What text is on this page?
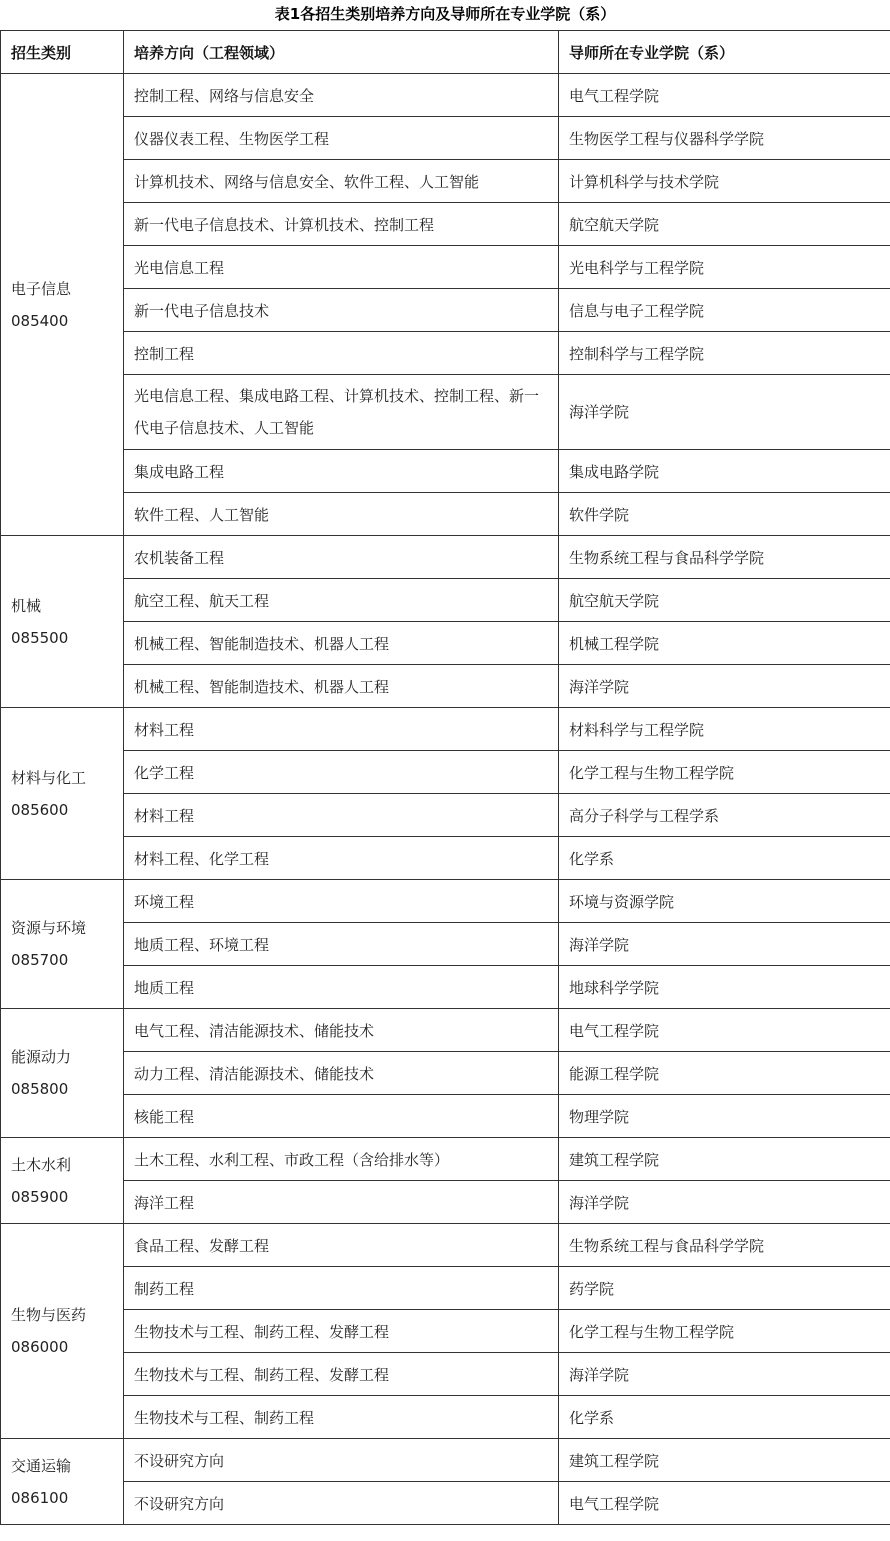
表1各招生类别培养方向及导师所在专业学院（系）
招生类别	培养方向（工程领域）	导师所在专业学院（系）

电子信息
085400	控制工程、网络与信息安全	电气工程学院
	仪器仪表工程、生物医学工程	生物医学工程与仪器科学学院
	计算机技术、网络与信息安全、软件工程、人工智能	计算机科学与技术学院
	新一代电子信息技术、计算机技术、控制工程	航空航天学院
	光电信息工程	光电科学与工程学院
	新一代电子信息技术	信息与电子工程学院
	控制工程	控制科学与工程学院
	光电信息工程、集成电路工程、计算机技术、控制工程、新一代电子信息技术、人工智能	海洋学院
	集成电路工程	集成电路学院
	软件工程、人工智能	软件学院

机械
085500	农机装备工程	生物系统工程与食品科学学院
	航空工程、航天工程	航空航天学院
	机械工程、智能制造技术、机器人工程	机械工程学院
	机械工程、智能制造技术、机器人工程	海洋学院

材料与化工
085600	材料工程	材料科学与工程学院
	化学工程	化学工程与生物工程学院
	材料工程	高分子科学与工程学系
	材料工程、化学工程	化学系

资源与环境
085700	环境工程	环境与资源学院
	地质工程、环境工程	海洋学院
	地质工程	地球科学学院

能源动力
085800	电气工程、清洁能源技术、储能技术	电气工程学院
	动力工程、清洁能源技术、储能技术	能源工程学院
	核能工程	物理学院

土木水利
085900	土木工程、水利工程、市政工程（含给排水等）	建筑工程学院
	海洋工程	海洋学院

生物与医药
086000	食品工程、发酵工程	生物系统工程与食品科学学院
	制药工程	药学院
	生物技术与工程、制药工程、发酵工程	化学工程与生物工程学院
	生物技术与工程、制药工程、发酵工程	海洋学院
	生物技术与工程、制药工程	化学系

交通运输
086100	不设研究方向	建筑工程学院
	不设研究方向	电气工程学院
